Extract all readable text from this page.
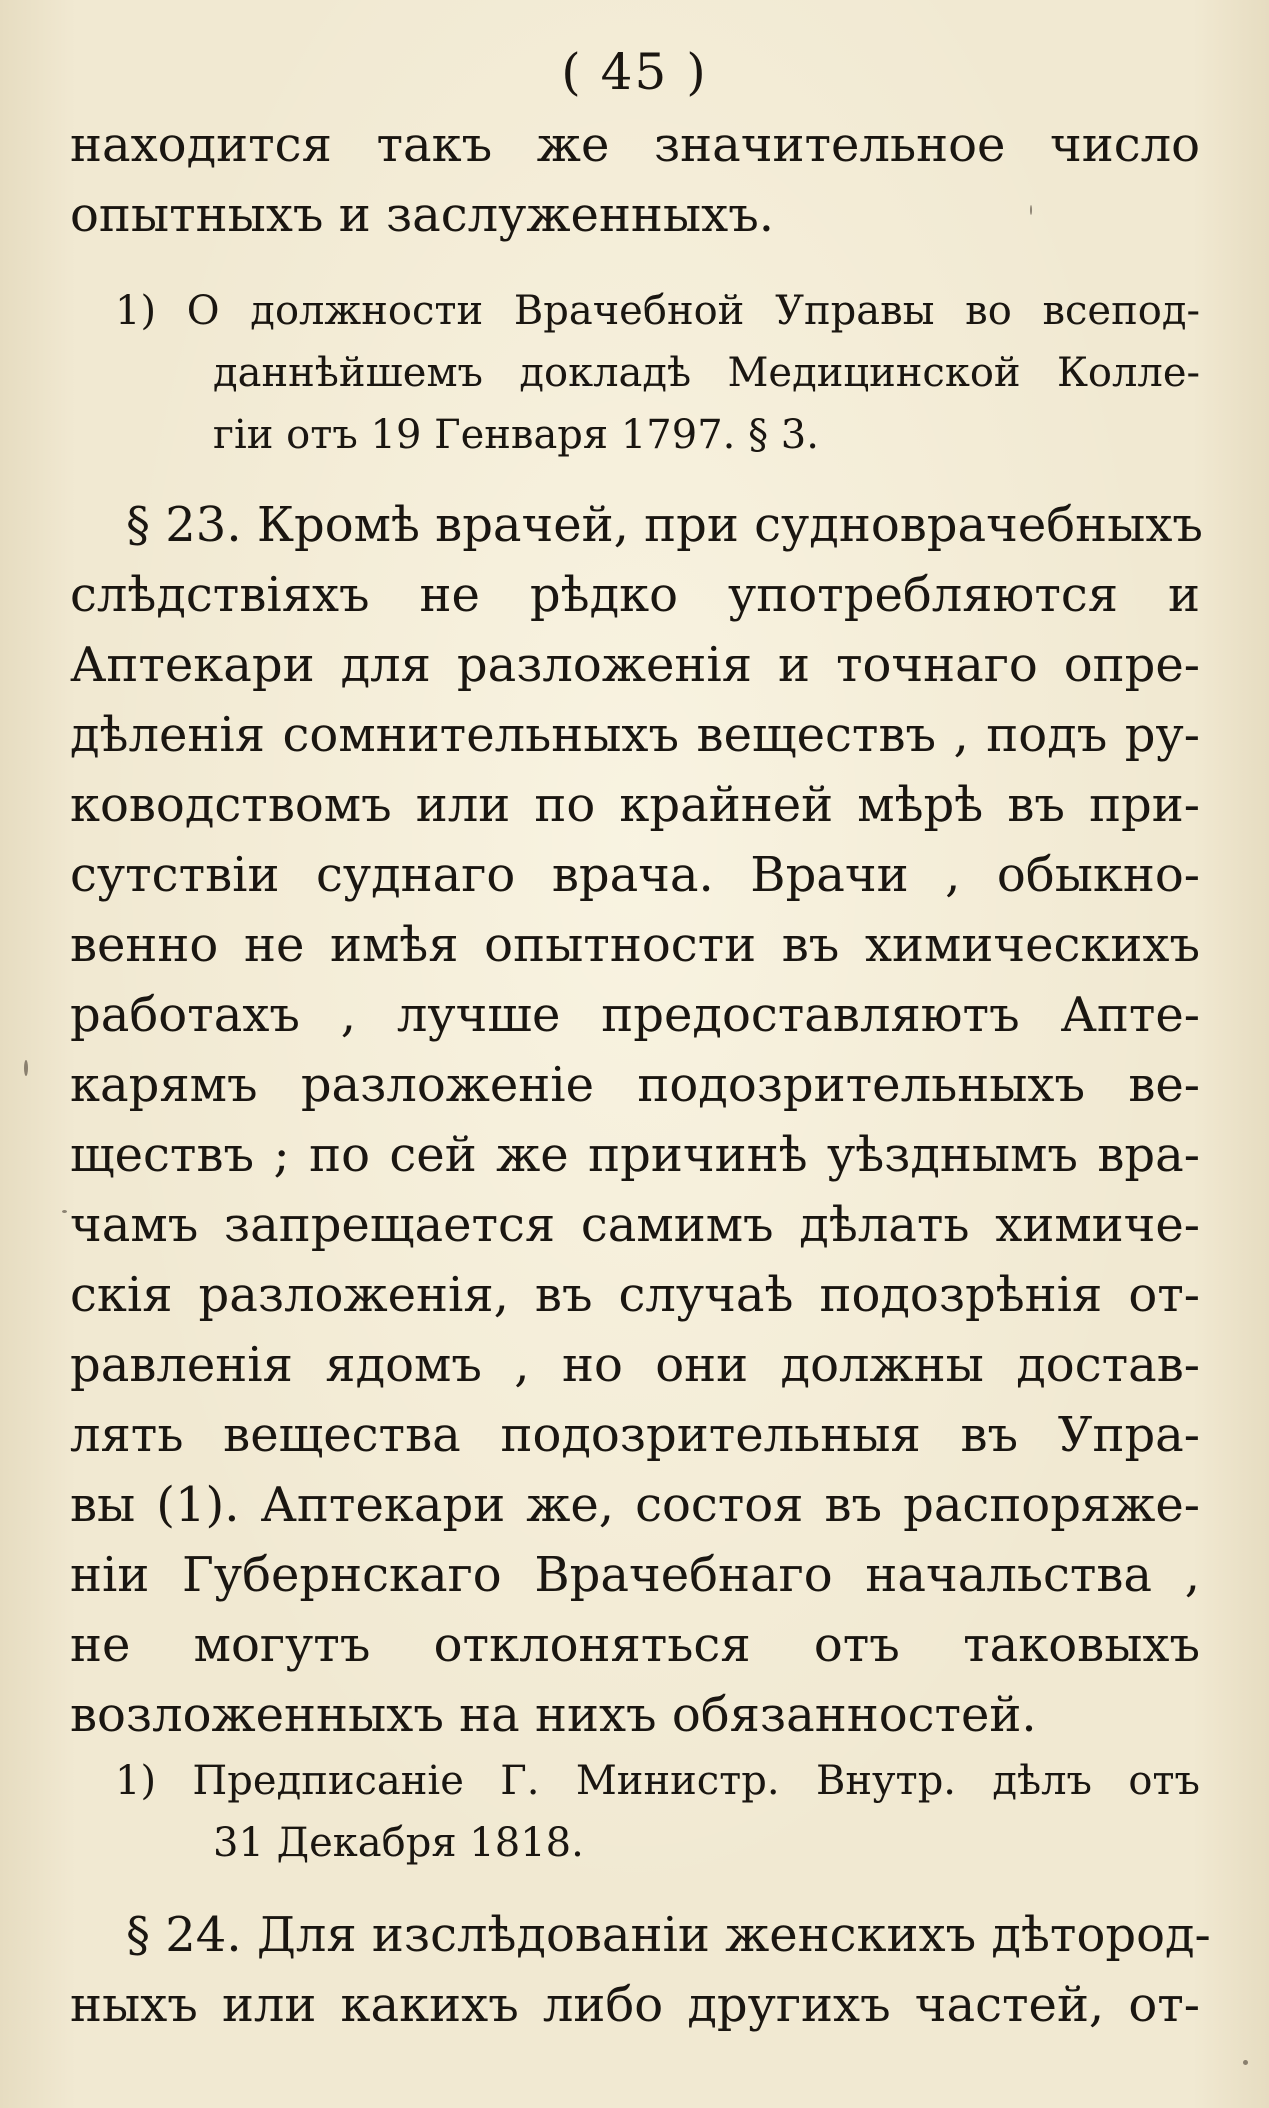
( 45 )
находится такъ же значительное число
опытныхъ и заслуженныхъ.
1) О должности Врачебной Управы во всепод-
даннѣйшемъ докладѣ Медицинской Колле-
гіи отъ 19 Генваря 1797. § 3.
§ 23. Кромѣ врачей, при судноврачебныхъ
слѣдствіяхъ не рѣдко употребляются и
Аптекари для разложенія и точнаго опре-
дѣленія сомнительныхъ веществъ , подъ ру-
ководствомъ или по крайней мѣрѣ въ при-
сутствіи суднаго врача. Врачи , обыкно-
венно не имѣя опытности въ химическихъ
работахъ , лучше предоставляютъ Апте-
карямъ разложеніе подозрительныхъ ве-
ществъ ; по сей же причинѣ уѣзднымъ вра-
чамъ запрещается самимъ дѣлать химиче-
скія разложенія, въ случаѣ подозрѣнія от-
равленія ядомъ , но они должны достав-
лять вещества подозрительныя въ Упра-
вы (1). Аптекари же, состоя въ распоряже-
ніи Губернскаго Врачебнаго начальства ,
не могутъ отклоняться отъ таковыхъ
возложенныхъ на нихъ обязанностей.
1) Предписаніе Г. Министр. Внутр. дѣлъ отъ
31 Декабря 1818.
§ 24. Для изслѣдованіи женскихъ дѣтород-
ныхъ или какихъ либо другихъ частей, от-
